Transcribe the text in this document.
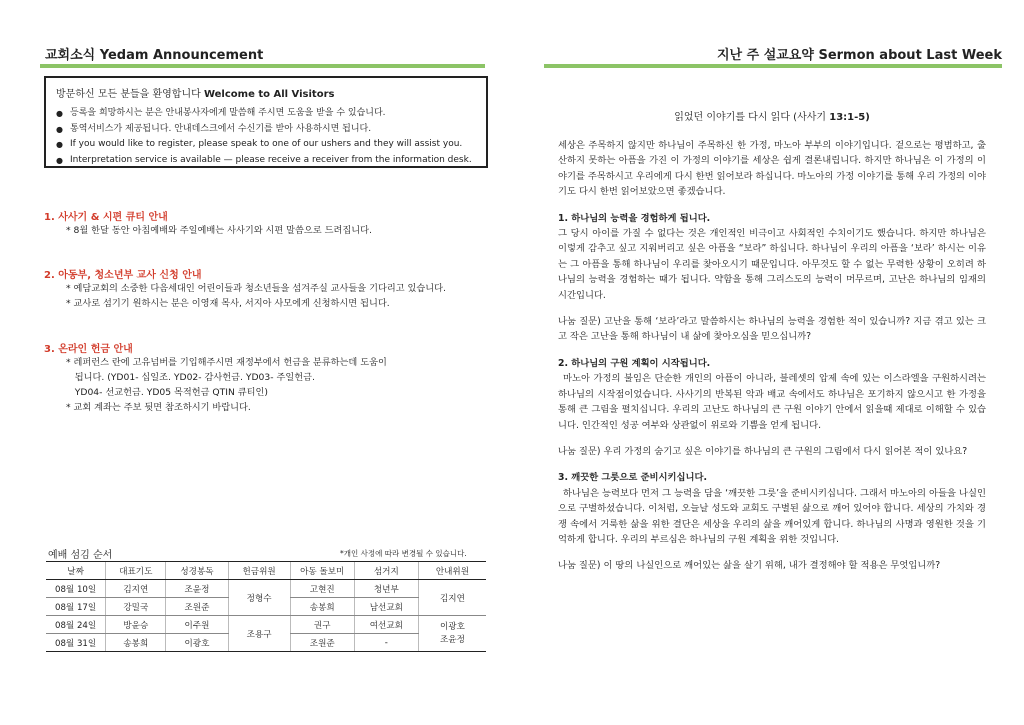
교회소식 Yedam Announcement
방문하신 모든 분들을 환영합니다 Welcome to All Visitors
● 등록을 희망하시는 분은 안내봉사자에게 말씀해 주시면 도움을 받을 수 있습니다.
● 통역서비스가 제공됩니다. 안내데스크에서 수신기를 받아 사용하시면 됩니다.
● If you would like to register, please speak to one of our ushers and they will assist you.
● Interpretation service is available — please receive a receiver from the information desk.
1. 사사기 & 시편 큐티 안내
* 8월 한달 동안 아침예배와 주일예배는 사사기와 시편 말씀으로 드려집니다.
2. 아동부, 청소년부 교사 신청 안내
* 예담교회의 소중한 다음세대인 어린이들과 청소년들을 섬겨주실 교사들을 기다리고 있습니다.
* 교사로 섬기기 원하시는 분은 이영재 목사, 서지아 사모에게 신청하시면 됩니다.
3. 온라인 헌금 안내
* 레퍼런스 란에 고유넘버를 기입해주시면 재정부에서 헌금을 분류하는데 도움이
됩니다. (YD01- 십일조. YD02- 감사헌금. YD03- 주일헌금.
YD04- 선교헌금. YD05 목적헌금 QTIN 큐티인)
* 교회 계좌는 주보 뒷면 참조하시기 바랍니다.
예배 섬김 순서	*개인 사정에 따라 변경될 수 있습니다.
날짜	대표기도	성경봉독	헌금위원	아동 돌보미	섬거지	안내위원
08월 10일	김지연	조윤정	정형수	고현진	청년부	김지연
08월 17일	강밀국	조원준		송봉희	남선교회	
08월 24일	방윤승	이주원	조용구	권구	여선교회	이광호
조윤정

08월 31일	송봉희	이광호		조원준	-	
지난 주 설교요약 Sermon about Last Week
읽었던 이야기를 다시 읽다 (사사기 13:1-5)
세상은 주목하지 않지만 하나님이 주목하신 한 가정, 마노아 부부의 이야기입니다. 겉으로는 평범하고, 출산하지 못하는 아픔을 가진 이 가정의 이야기를 세상은 쉽게 결론내립니다. 하지만 하나님은 이 가정의 이야기를 주목하시고 우리에게 다시 한번 읽어보라 하십니다. 마노아의 가정 이야기를 통해 우리 가정의 이야기도 다시 한번 읽어보았으면 좋겠습니다.
1. 하나님의 능력을 경험하게 됩니다.
그 당시 아이를 가질 수 없다는 것은 개인적인 비극이고 사회적인 수치이기도 했습니다. 하지만 하나님은 이렇게 감추고 싶고 지워버리고 싶은 아픔을 “보라” 하십니다. 하나님이 우리의 아픔을 ‘보라’ 하시는 이유는 그 아픔을 통해 하나님이 우리를 찾아오시기 때문입니다. 아무것도 할 수 없는 무력한 상황이 오히려 하나님의 능력을 경험하는 때가 됩니다. 약함을 통해 그리스도의 능력이 머무르며, 고난은 하나님의 임재의 시간입니다.
나눔 질문) 고난을 통해 ‘보라’라고 말씀하시는 하나님의 능력을 경험한 적이 있습니까? 지금 겪고 있는 크고 작은 고난을 통해 하나님이 내 삶에 찾아오심을 믿으십니까?
2. 하나님의 구원 계획이 시작됩니다.
마노아 가정의 불임은 단순한 개인의 아픔이 아니라, 블레셋의 압제 속에 있는 이스라엘을 구원하시려는 하나님의 시작점이었습니다. 사사기의 반복된 악과 배교 속에서도 하나님은 포기하지 않으시고 한 가정을 통해 큰 그림을 펼치십니다. 우리의 고난도 하나님의 큰 구원 이야기 안에서 읽을때 제대로 이해할 수 있습니다. 인간적인 성공 여부와 상관없이 위로와 기쁨을 얻게 됩니다.
나눔 질문) 우리 가정의 숨기고 싶은 이야기를 하나님의 큰 구원의 그림에서 다시 읽어본 적이 있나요?
3. 깨끗한 그릇으로 준비시키십니다.
하나님은 능력보다 먼저 그 능력을 담을 ‘깨끗한 그릇’을 준비시키십니다. 그래서 마노아의 아들을 나실인으로 구별하셨습니다. 이처럼, 오늘날 성도와 교회도 구별된 삶으로 깨어 있어야 합니다. 세상의 가치와 경쟁 속에서 거룩한 삶을 위한 결단은 세상을 우리의 삶을 깨어있게 합니다. 하나님의 사명과 영원한 것을 기억하게 합니다. 우리의 부르심은 하나님의 구원 계획을 위한 것입니다.
나눔 질문) 이 땅의 나실인으로 깨어있는 삶을 살기 위해, 내가 결정해야 할 적용은 무엇입니까?
